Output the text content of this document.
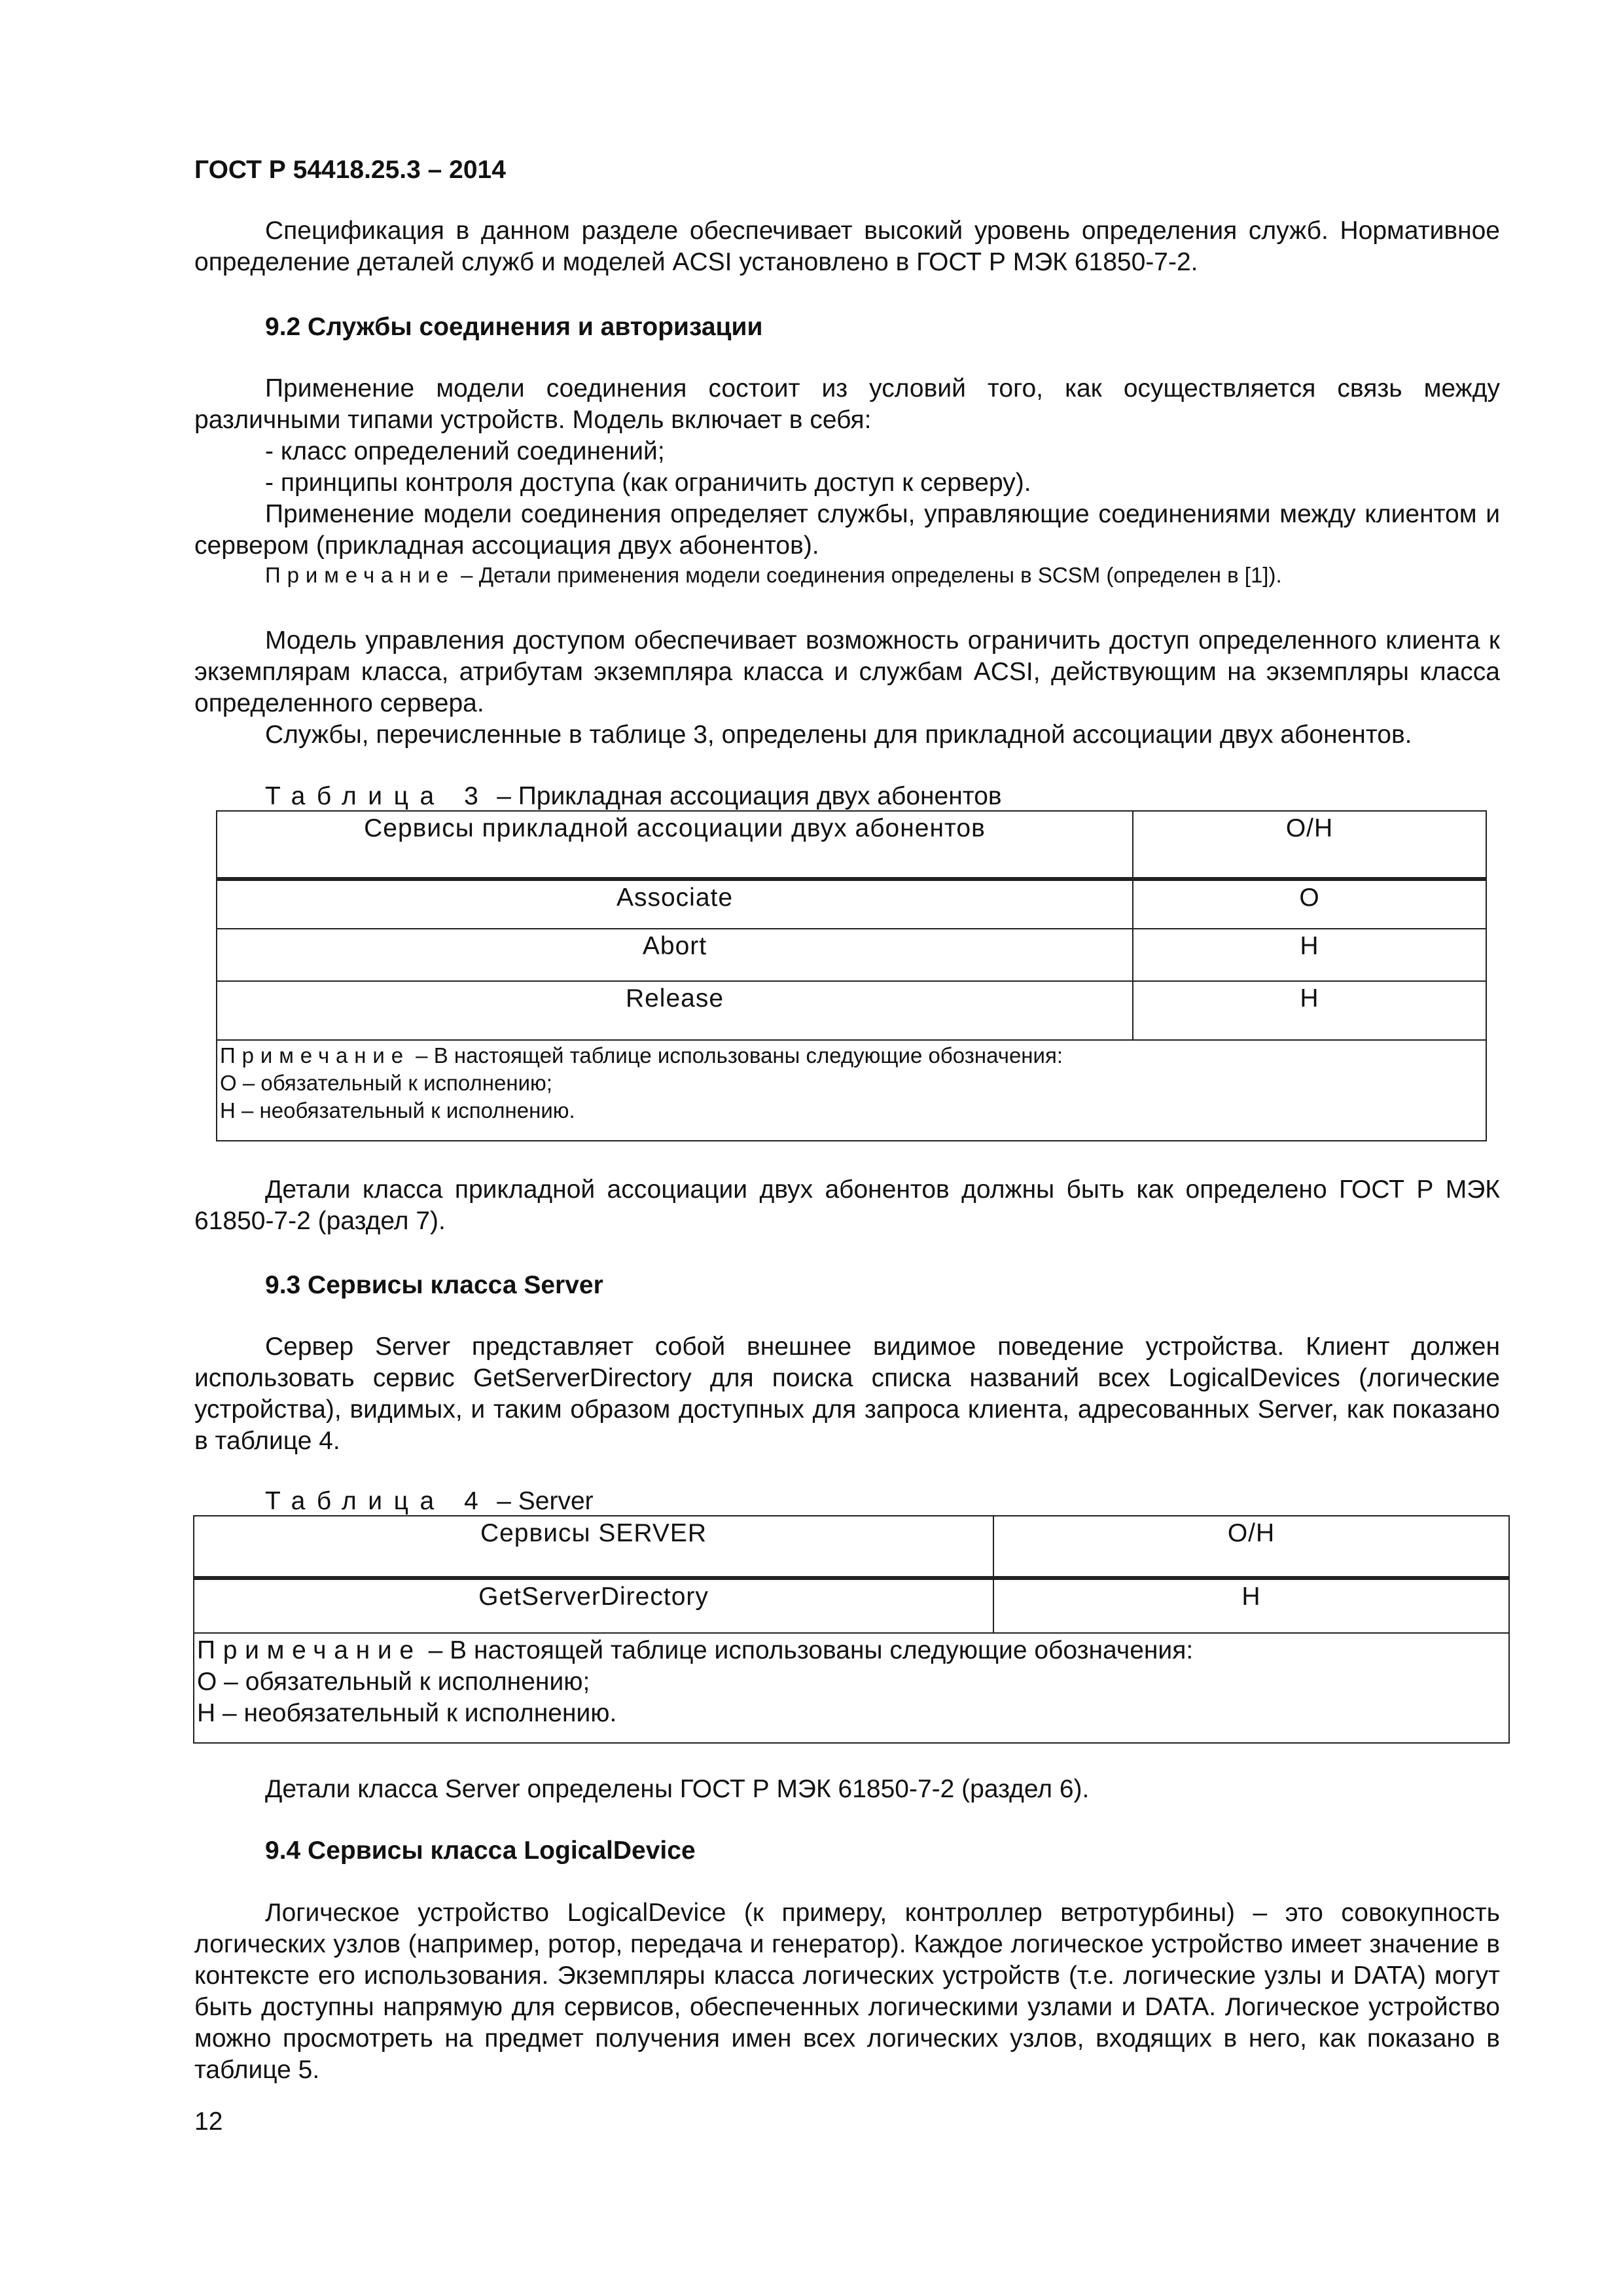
ГОСТ Р 54418.25.3 – 2014

Спецификация в данном разделе обеспечивает высокий уровень определения служб. Нормативное определение деталей служб и моделей ACSI установлено в ГОСТ Р МЭК 61850-7-2.

9.2 Службы соединения и авторизации

Применение модели соединения состоит из условий того, как осуществляется связь между различными типами устройств. Модель включает в себя:

- класс определений соединений;

- принципы контроля доступа (как ограничить доступ к серверу).

Применение модели соединения определяет службы, управляющие соединениями между клиентом и сервером (прикладная ассоциация двух абонентов).

Примечание – Детали применения модели соединения определены в SCSM (определен в [1]).

Модель управления доступом обеспечивает возможность ограничить доступ определенного клиента к экземплярам класса, атрибутам экземпляра класса и службам ACSI, действующим на экземпляры класса определенного сервера.

Службы, перечисленные в таблице 3, определены для прикладной ассоциации двух абонентов.

Таблица 3 – Прикладная ассоциация двух абонентов
Сервисы прикладной ассоциации двух абонентов	О/Н
Associate	О
Abort	Н
Release	Н

Примечание – В настоящей таблице использованы следующие обозначения:
О – обязательный к исполнению;
Н – необязательный к исполнению.	

Детали класса прикладной ассоциации двух абонентов должны быть как определено ГОСТ Р МЭК 61850-7-2 (раздел 7).

9.3 Сервисы класса Server

Сервер Server представляет собой внешнее видимое поведение устройства. Клиент должен использовать сервис GetServerDirectory для поиска списка названий всех LogicalDevices (логические устройства), видимых, и таким образом доступных для запроса клиента, адресованных Server, как показано в таблице 4.

Таблица 4 – Server
Сервисы SERVER	О/Н
GetServerDirectory	Н

Примечание – В настоящей таблице использованы следующие обозначения:
О – обязательный к исполнению;
Н – необязательный к исполнению.	

Детали класса Server определены ГОСТ Р МЭК 61850-7-2 (раздел 6).

9.4 Сервисы класса LogicalDevice

Логическое устройство LogicalDevice (к примеру, контроллер ветротурбины) – это совокупность логических узлов (например, ротор, передача и генератор). Каждое логическое устройство имеет значение в контексте его использования. Экземпляры класса логических устройств (т.е. логические узлы и DATA) могут быть доступны напрямую для сервисов, обеспеченных логическими узлами и DATA. Логическое устройство можно просмотреть на предмет получения имен всех логических узлов, входящих в него, как показано в таблице 5.

12
